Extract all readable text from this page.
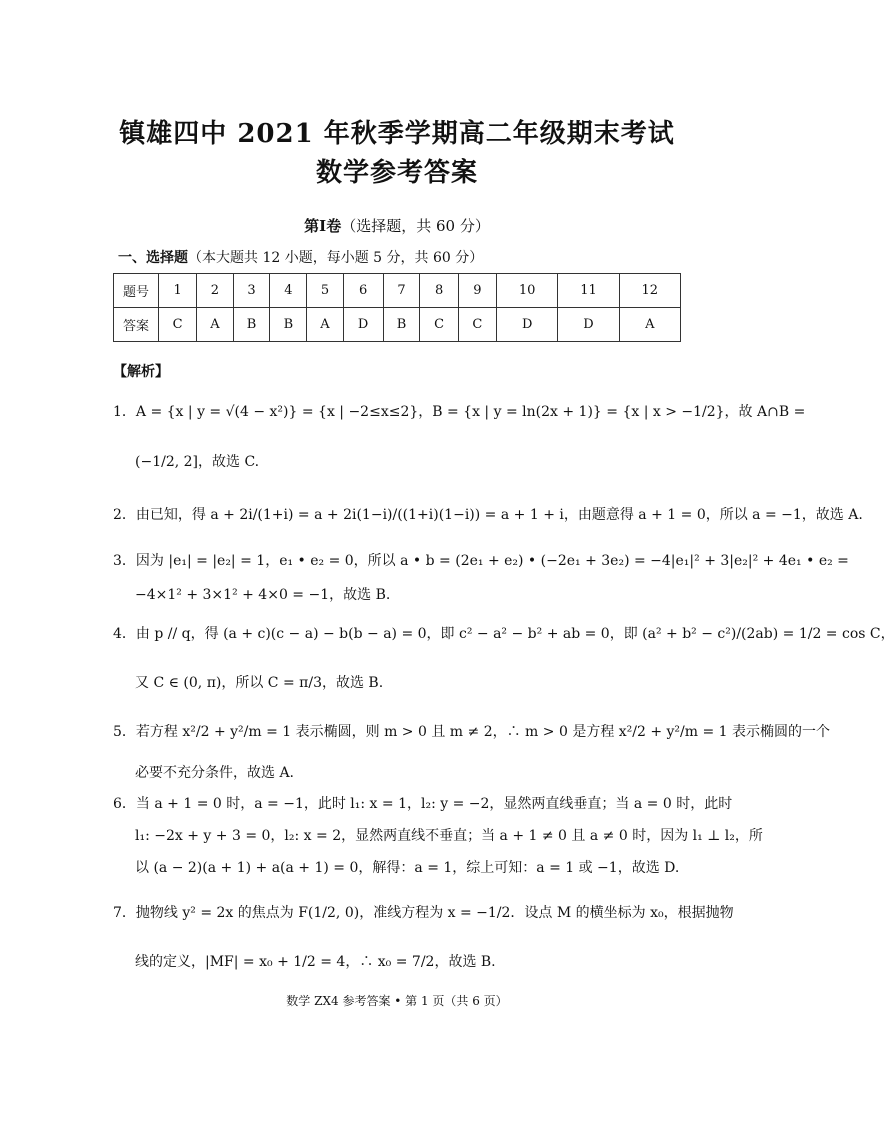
镇雄四中 2021 年秋季学期高二年级期末考试
数学参考答案
第Ⅰ卷（选择题，共 60 分）
一、选择题（本大题共 12 小题，每小题 5 分，共 60 分）
题号	1	2	3	4	5	6	7	8	9	10	11	12
答案	C	A	B	B	A	D	B	C	C	D	D	A
【解析】
1．A = {x | y = √(4 − x²)} = {x | −2≤x≤2}，B = {x | y = ln(2x + 1)} = {x | x > −1/2}，故 A∩B =
(−1/2, 2]，故选 C.
2．由已知，得 a + 2i/(1+i) = a + 2i(1−i)/((1+i)(1−i)) = a + 1 + i，由题意得 a + 1 = 0，所以 a = −1，故选 A.
3．因为 |e₁| = |e₂| = 1，e₁ • e₂ = 0，所以 a • b = (2e₁ + e₂) • (−2e₁ + 3e₂) = −4|e₁|² + 3|e₂|² + 4e₁ • e₂ =
−4×1² + 3×1² + 4×0 = −1，故选 B.
4．由 p // q，得 (a + c)(c − a) − b(b − a) = 0，即 c² − a² − b² + ab = 0，即 (a² + b² − c²)/(2ab) = 1/2 = cos C，
又 C ∈ (0, π)，所以 C = π/3，故选 B.
5．若方程 x²/2 + y²/m = 1 表示椭圆，则 m > 0 且 m ≠ 2，∴ m > 0 是方程 x²/2 + y²/m = 1 表示椭圆的一个
必要不充分条件，故选 A.
6．当 a + 1 = 0 时，a = −1，此时 l₁: x = 1，l₂: y = −2，显然两直线垂直；当 a = 0 时，此时
l₁: −2x + y + 3 = 0，l₂: x = 2，显然两直线不垂直；当 a + 1 ≠ 0 且 a ≠ 0 时，因为 l₁ ⊥ l₂，所
以 (a − 2)(a + 1) + a(a + 1) = 0，解得：a = 1，综上可知：a = 1 或 −1，故选 D.
7．抛物线 y² = 2x 的焦点为 F(1/2, 0)，准线方程为 x = −1/2．设点 M 的横坐标为 x₀，根据抛物
线的定义，|MF| = x₀ + 1/2 = 4，∴ x₀ = 7/2，故选 B.
数学 ZX4 参考答案 • 第 1 页（共 6 页）
